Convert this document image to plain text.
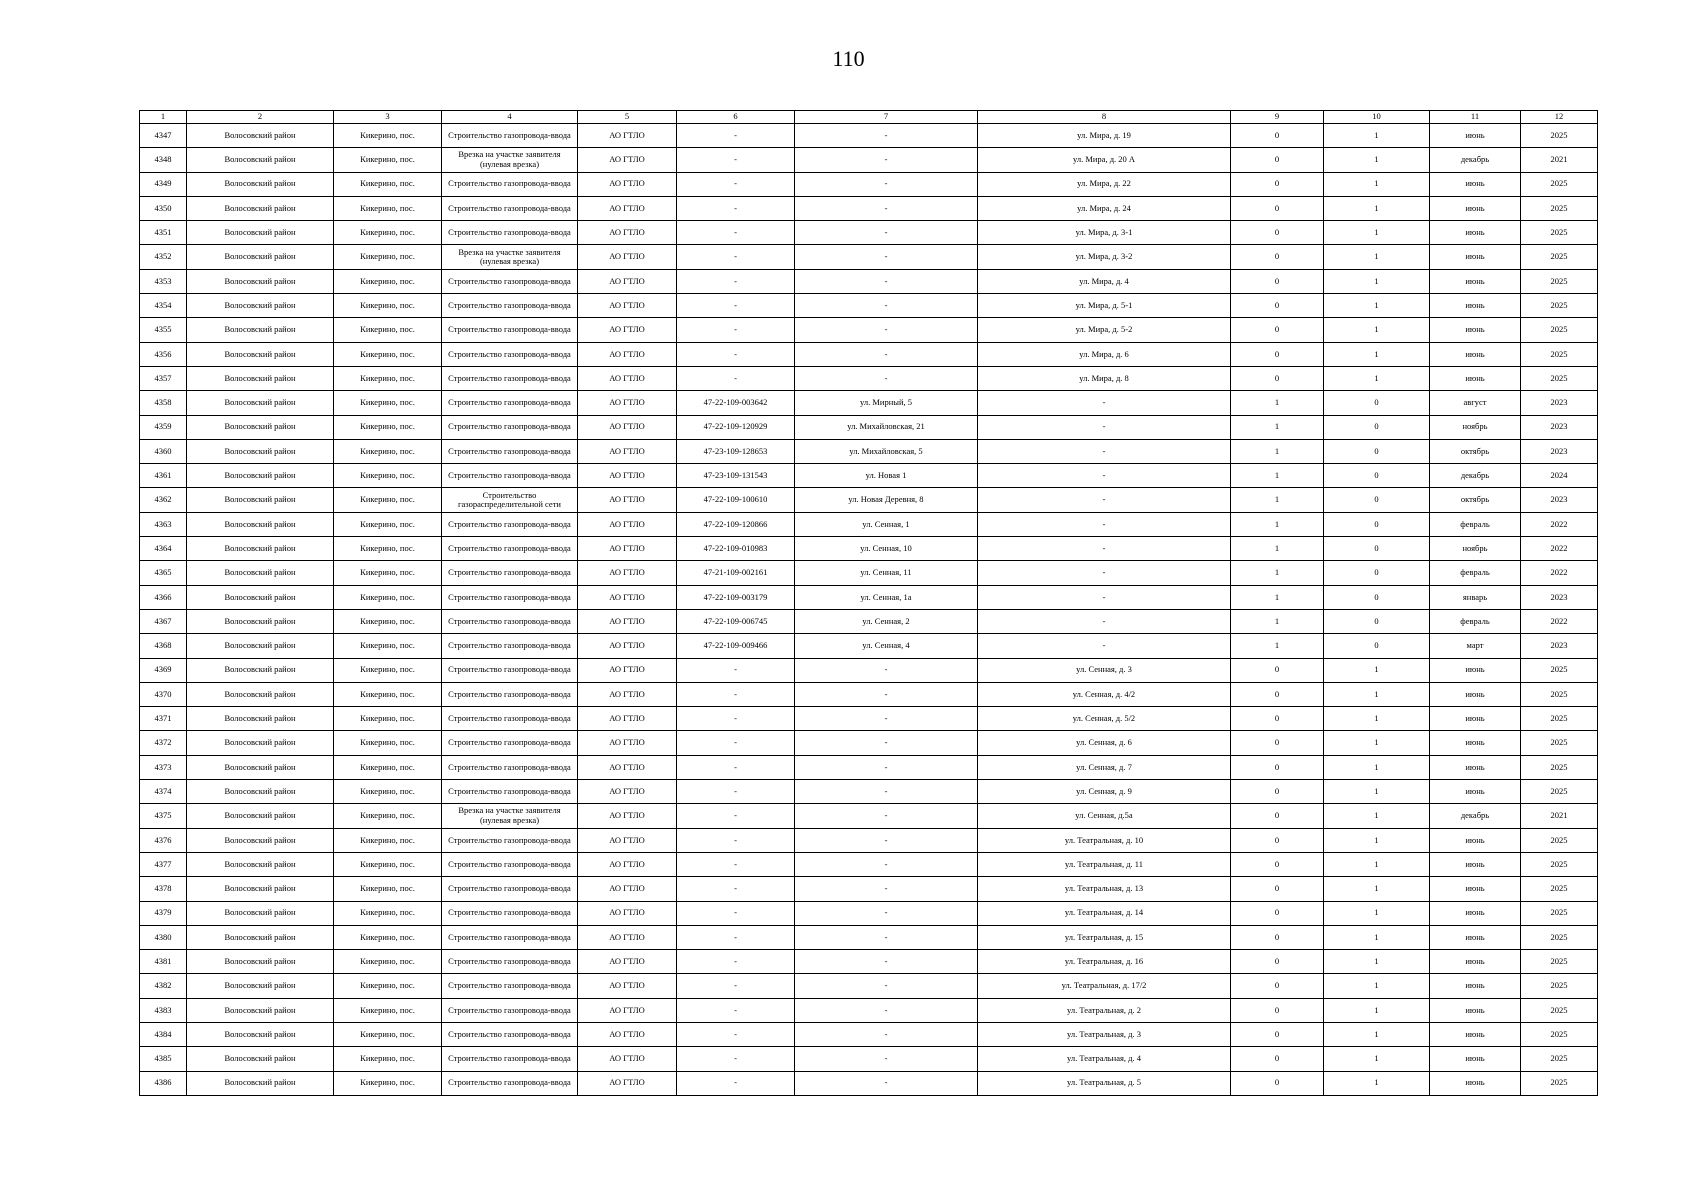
110
1	2	3	4	5	6	7	8	9	10	11	12
4347	Волосовский район	Кикерино, пос.	Строительство газопровода-ввода	АО ГТЛО	-	-	ул. Мира, д. 19	0	1	июнь	2025
4348	Волосовский район	Кикерино, пос.	Врезка на участке заявителя (нулевая врезка)	АО ГТЛО	-	-	ул. Мира, д. 20 А	0	1	декабрь	2021
4349	Волосовский район	Кикерино, пос.	Строительство газопровода-ввода	АО ГТЛО	-	-	ул. Мира, д. 22	0	1	июнь	2025
4350	Волосовский район	Кикерино, пос.	Строительство газопровода-ввода	АО ГТЛО	-	-	ул. Мира, д. 24	0	1	июнь	2025
4351	Волосовский район	Кикерино, пос.	Строительство газопровода-ввода	АО ГТЛО	-	-	ул. Мира, д. 3-1	0	1	июнь	2025
4352	Волосовский район	Кикерино, пос.	Врезка на участке заявителя (нулевая врезка)	АО ГТЛО	-	-	ул. Мира, д. 3-2	0	1	июнь	2025
4353	Волосовский район	Кикерино, пос.	Строительство газопровода-ввода	АО ГТЛО	-	-	ул. Мира, д. 4	0	1	июнь	2025
4354	Волосовский район	Кикерино, пос.	Строительство газопровода-ввода	АО ГТЛО	-	-	ул. Мира, д. 5-1	0	1	июнь	2025
4355	Волосовский район	Кикерино, пос.	Строительство газопровода-ввода	АО ГТЛО	-	-	ул. Мира, д. 5-2	0	1	июнь	2025
4356	Волосовский район	Кикерино, пос.	Строительство газопровода-ввода	АО ГТЛО	-	-	ул. Мира, д. 6	0	1	июнь	2025
4357	Волосовский район	Кикерино, пос.	Строительство газопровода-ввода	АО ГТЛО	-	-	ул. Мира, д. 8	0	1	июнь	2025
4358	Волосовский район	Кикерино, пос.	Строительство газопровода-ввода	АО ГТЛО	47-22-109-003642	ул. Мирный, 5	-	1	0	август	2023
4359	Волосовский район	Кикерино, пос.	Строительство газопровода-ввода	АО ГТЛО	47-22-109-120929	ул. Михайловская, 21	-	1	0	ноябрь	2023
4360	Волосовский район	Кикерино, пос.	Строительство газопровода-ввода	АО ГТЛО	47-23-109-128653	ул. Михайловская, 5	-	1	0	октябрь	2023
4361	Волосовский район	Кикерино, пос.	Строительство газопровода-ввода	АО ГТЛО	47-23-109-131543	ул. Новая 1	-	1	0	декабрь	2024
4362	Волосовский район	Кикерино, пос.	Строительство газораспределительной сети	АО ГТЛО	47-22-109-100610	ул. Новая Деревня, 8	-	1	0	октябрь	2023
4363	Волосовский район	Кикерино, пос.	Строительство газопровода-ввода	АО ГТЛО	47-22-109-120866	ул. Сенная, 1	-	1	0	февраль	2022
4364	Волосовский район	Кикерино, пос.	Строительство газопровода-ввода	АО ГТЛО	47-22-109-010983	ул. Сенная, 10	-	1	0	ноябрь	2022
4365	Волосовский район	Кикерино, пос.	Строительство газопровода-ввода	АО ГТЛО	47-21-109-002161	ул. Сенная, 11	-	1	0	февраль	2022
4366	Волосовский район	Кикерино, пос.	Строительство газопровода-ввода	АО ГТЛО	47-22-109-003179	ул. Сенная, 1а	-	1	0	январь	2023
4367	Волосовский район	Кикерино, пос.	Строительство газопровода-ввода	АО ГТЛО	47-22-109-006745	ул. Сенная, 2	-	1	0	февраль	2022
4368	Волосовский район	Кикерино, пос.	Строительство газопровода-ввода	АО ГТЛО	47-22-109-009466	ул. Сенная, 4	-	1	0	март	2023
4369	Волосовский район	Кикерино, пос.	Строительство газопровода-ввода	АО ГТЛО	-	-	ул. Сенная, д. 3	0	1	июнь	2025
4370	Волосовский район	Кикерино, пос.	Строительство газопровода-ввода	АО ГТЛО	-	-	ул. Сенная, д. 4/2	0	1	июнь	2025
4371	Волосовский район	Кикерино, пос.	Строительство газопровода-ввода	АО ГТЛО	-	-	ул. Сенная, д. 5/2	0	1	июнь	2025
4372	Волосовский район	Кикерино, пос.	Строительство газопровода-ввода	АО ГТЛО	-	-	ул. Сенная, д. 6	0	1	июнь	2025
4373	Волосовский район	Кикерино, пос.	Строительство газопровода-ввода	АО ГТЛО	-	-	ул. Сенная, д. 7	0	1	июнь	2025
4374	Волосовский район	Кикерино, пос.	Строительство газопровода-ввода	АО ГТЛО	-	-	ул. Сенная, д. 9	0	1	июнь	2025
4375	Волосовский район	Кикерино, пос.	Врезка на участке заявителя (нулевая врезка)	АО ГТЛО	-	-	ул. Сенная, д.5а	0	1	декабрь	2021
4376	Волосовский район	Кикерино, пос.	Строительство газопровода-ввода	АО ГТЛО	-	-	ул. Театральная, д. 10	0	1	июнь	2025
4377	Волосовский район	Кикерино, пос.	Строительство газопровода-ввода	АО ГТЛО	-	-	ул. Театральная, д. 11	0	1	июнь	2025
4378	Волосовский район	Кикерино, пос.	Строительство газопровода-ввода	АО ГТЛО	-	-	ул. Театральная, д. 13	0	1	июнь	2025
4379	Волосовский район	Кикерино, пос.	Строительство газопровода-ввода	АО ГТЛО	-	-	ул. Театральная, д. 14	0	1	июнь	2025
4380	Волосовский район	Кикерино, пос.	Строительство газопровода-ввода	АО ГТЛО	-	-	ул. Театральная, д. 15	0	1	июнь	2025
4381	Волосовский район	Кикерино, пос.	Строительство газопровода-ввода	АО ГТЛО	-	-	ул. Театральная, д. 16	0	1	июнь	2025
4382	Волосовский район	Кикерино, пос.	Строительство газопровода-ввода	АО ГТЛО	-	-	ул. Театральная, д. 17/2	0	1	июнь	2025
4383	Волосовский район	Кикерино, пос.	Строительство газопровода-ввода	АО ГТЛО	-	-	ул. Театральная, д. 2	0	1	июнь	2025
4384	Волосовский район	Кикерино, пос.	Строительство газопровода-ввода	АО ГТЛО	-	-	ул. Театральная, д. 3	0	1	июнь	2025
4385	Волосовский район	Кикерино, пос.	Строительство газопровода-ввода	АО ГТЛО	-	-	ул. Театральная, д. 4	0	1	июнь	2025
4386	Волосовский район	Кикерино, пос.	Строительство газопровода-ввода	АО ГТЛО	-	-	ул. Театральная, д. 5	0	1	июнь	2025
